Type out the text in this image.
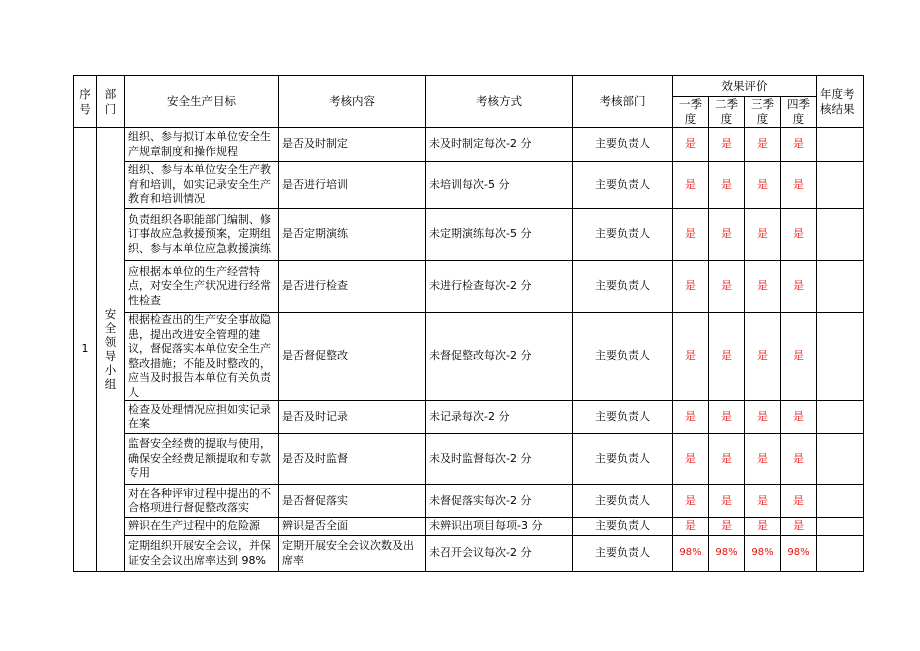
序号	部门	安全生产目标	考核内容	考核方式	考核部门	效果评价				年度考核结果
						一季度	二季度	三季度	四季度	
1	安全领导小组	组织、参与拟订本单位安全生产规章制度和操作规程	是否及时制定	未及时制定每次-2 分	主要负责人	是	是	是	是	
		组织、参与本单位安全生产教育和培训，如实记录安全生产教育和培训情况	是否进行培训	未培训每次-5 分	主要负责人	是	是	是	是	
		负责组织各职能部门编制、修订事故应急救援预案，定期组织、参与本单位应急救援演练	是否定期演练	未定期演练每次-5 分	主要负责人	是	是	是	是	
		应根据本单位的生产经营特点，对安全生产状况进行经常性检查	是否进行检查	未进行检查每次-2 分	主要负责人	是	是	是	是	
		根据检查出的生产安全事故隐患，提出改进安全管理的建议，督促落实本单位安全生产整改措施；不能及时整改的，应当及时报告本单位有关负责人	是否督促整改	未督促整改每次-2 分	主要负责人	是	是	是	是	
		检查及处理情况应担如实记录在案	是否及时记录	未记录每次-2 分	主要负责人	是	是	是	是	
		监督安全经费的提取与使用，确保安全经费足额提取和专款专用	是否及时监督	未及时监督每次-2 分	主要负责人	是	是	是	是	
		对在各种评审过程中提出的不合格项进行督促整改落实	是否督促落实	未督促落实每次-2 分	主要负责人	是	是	是	是	
		辨识在生产过程中的危险源	辨识是否全面	未辨识出项目每项-3 分	主要负责人	是	是	是	是	
		定期组织开展安全会议，并保证安全会议出席率达到 98%	定期开展安全会议次数及出席率	未召开会议每次-2 分	主要负责人	98%	98%	98%	98%	
